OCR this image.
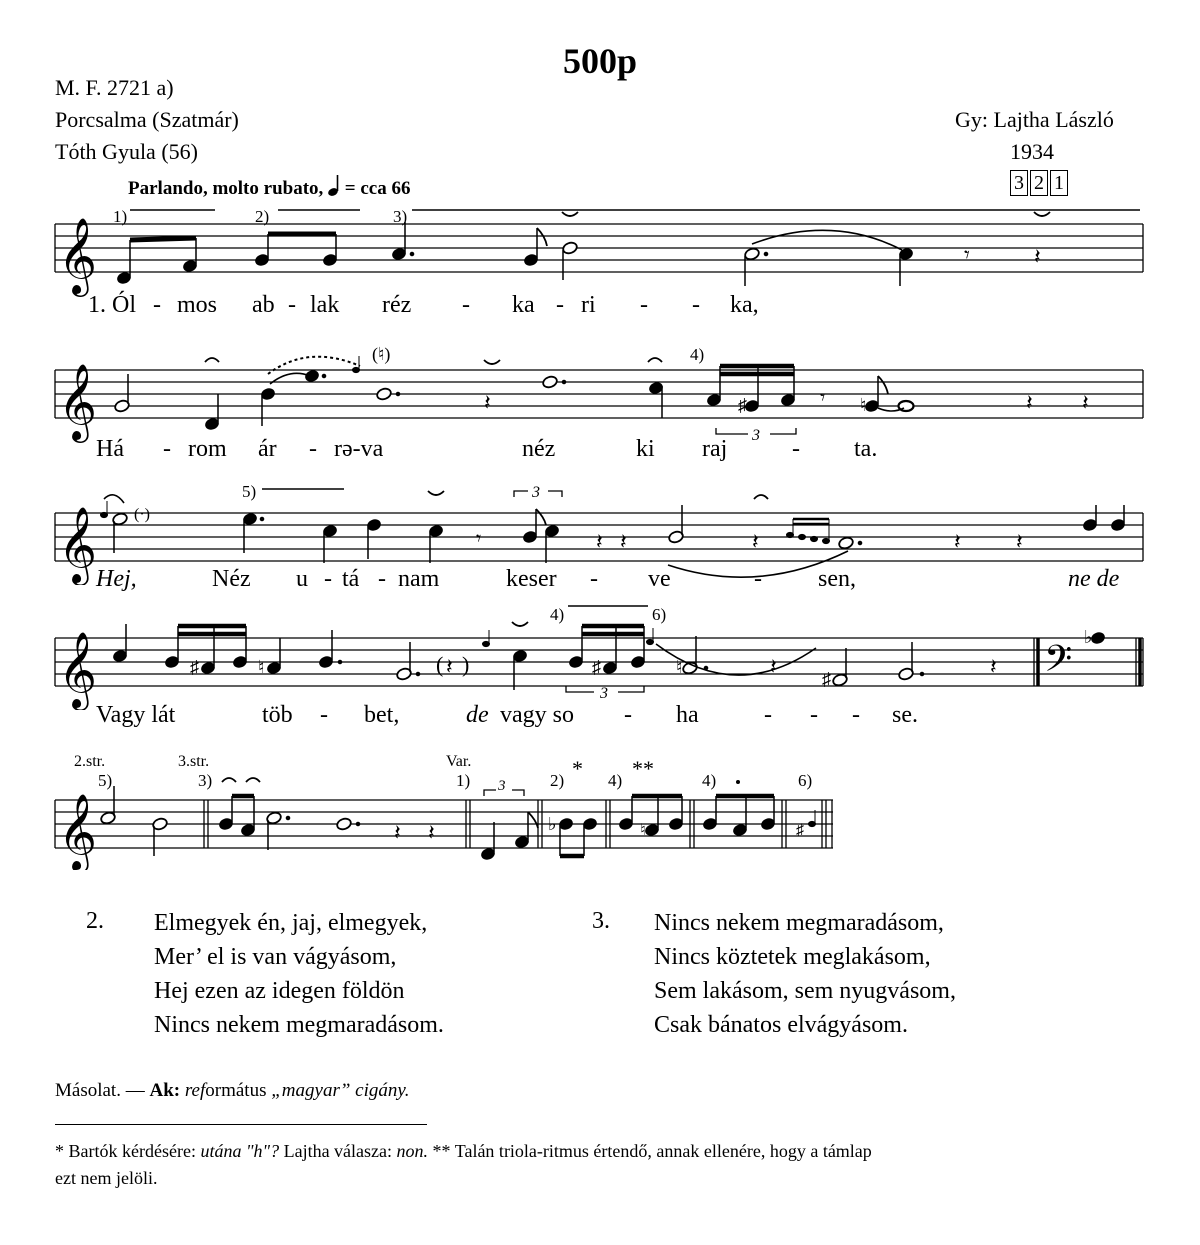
500p
M. F. 2721 a)
Porcsalma (Szatmár)
Tóth Gyula (56)
Gy: Lajtha László
1934
3 2 1
Parlando, molto rubato, = cca 66
𝄞	𝄾	𝄽
1)	2)	3)
1. Ól - mos ab - lak réz - ka - ri - - ka,
𝄞	♯	♮
𝄽	𝄾	𝄽 𝄽
(♮)	4)
3
Há - rom ár - rə-va	néz	ki raj	- ta.
𝄞	𝄾	𝄽 𝄽	𝄽	𝄽	𝄽
(·)
5)	3
Hej,	Néz u - tá - nam	keser - ve	- sen,	ne de
𝄞	𝄢
♯	♮	♯	♮
♯
♭
( 𝄽 )	𝄽	𝄽
4)	6)
3
Vagy lát	töb - bet,	de vagy so - ha	- - - se.
𝄞	♭	♮	♯
𝄽 𝄽
2.str.	3.str.	Var.
5)	3)	1)	2)	4)	4)	6)
3
* **
2. Elmegyek én, jaj, elmegyek,
Mer’ el is van vágyásom,
Hej ezen az idegen földön
Nincs nekem megmaradásom.
3. Nincs nekem megmaradásom,
Nincs köztetek meglakásom,
Sem lakásom, sem nyugvásom,
Csak bánatos elvágyásom.
Másolat. — Ak: református „magyar” cigány.
* Bartók kérdésére: utána "h"? Lajtha válasza: non. ** Talán triola-ritmus értendő, annak ellenére, hogy a támlap
ezt nem jelöli.
